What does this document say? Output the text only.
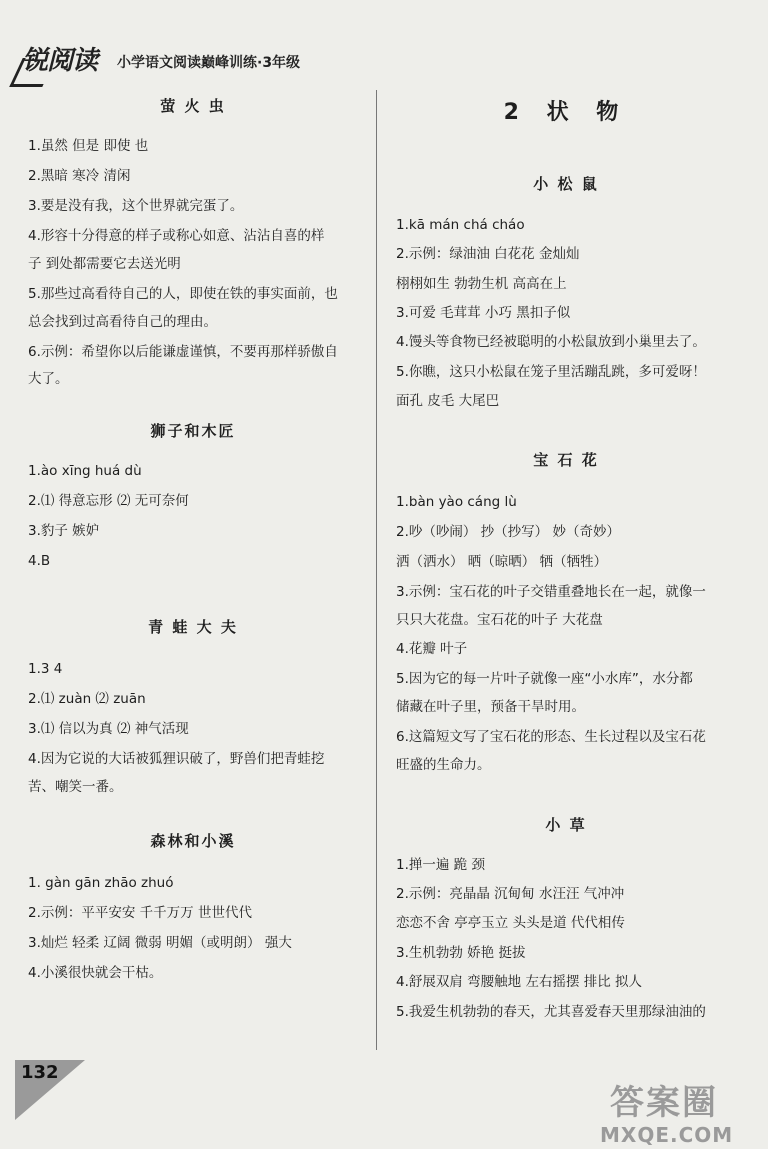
锐阅读 小学语文阅读巅峰训练·3年级
萤 火 虫
1.虽然 但是 即使 也
2.黑暗 寒冷 清闲
3.要是没有我，这个世界就完蛋了。
4.形容十分得意的样子或称心如意、沾沾自喜的样
子 到处都需要它去送光明
5.那些过高看待自己的人，即使在铁的事实面前，也
总会找到过高看待自己的理由。
6.示例：希望你以后能谦虚谨慎，不要再那样骄傲自
大了。
狮子和木匠
1.ào xīng huá dù
2.⑴ 得意忘形 ⑵ 无可奈何
3.豹子 嫉妒
4.B
青 蛙 大 夫
1.3 4
2.⑴ zuàn ⑵ zuān
3.⑴ 信以为真 ⑵ 神气活现
4.因为它说的大话被狐狸识破了，野兽们把青蛙挖
苦、嘲笑一番。
森林和小溪
1. gàn gān zhāo zhuó
2.示例：平平安安 千千万万 世世代代
3.灿烂 轻柔 辽阔 微弱 明媚（或明朗） 强大
4.小溪很快就会干枯。
2 状 物
小 松 鼠
1.kā mán chá cháo
2.示例：绿油油 白花花 金灿灿
栩栩如生 勃勃生机 高高在上
3.可爱 毛茸茸 小巧 黑扣子似
4.馒头等食物已经被聪明的小松鼠放到小巢里去了。
5.你瞧，这只小松鼠在笼子里活蹦乱跳，多可爱呀！
面孔 皮毛 大尾巴
宝 石 花
1.bàn yào cáng lù
2.吵（吵闹） 抄（抄写） 妙（奇妙）
洒（洒水） 晒（晾晒） 牺（牺牲）
3.示例：宝石花的叶子交错重叠地长在一起，就像一
只只大花盘。宝石花的叶子 大花盘
4.花瓣 叶子
5.因为它的每一片叶子就像一座“小水库”，水分都
储藏在叶子里，预备干旱时用。
6.这篇短文写了宝石花的形态、生长过程以及宝石花
旺盛的生命力。
小 草
1.掸一遍 跪 颈
2.示例：亮晶晶 沉甸甸 水汪汪 气冲冲
恋恋不舍 亭亭玉立 头头是道 代代相传
3.生机勃勃 娇艳 挺拔
4.舒展双肩 弯腰触地 左右摇摆 排比 拟人
5.我爱生机勃勃的春天，尤其喜爱春天里那绿油油的
132
答案圈
MXQE.COM
